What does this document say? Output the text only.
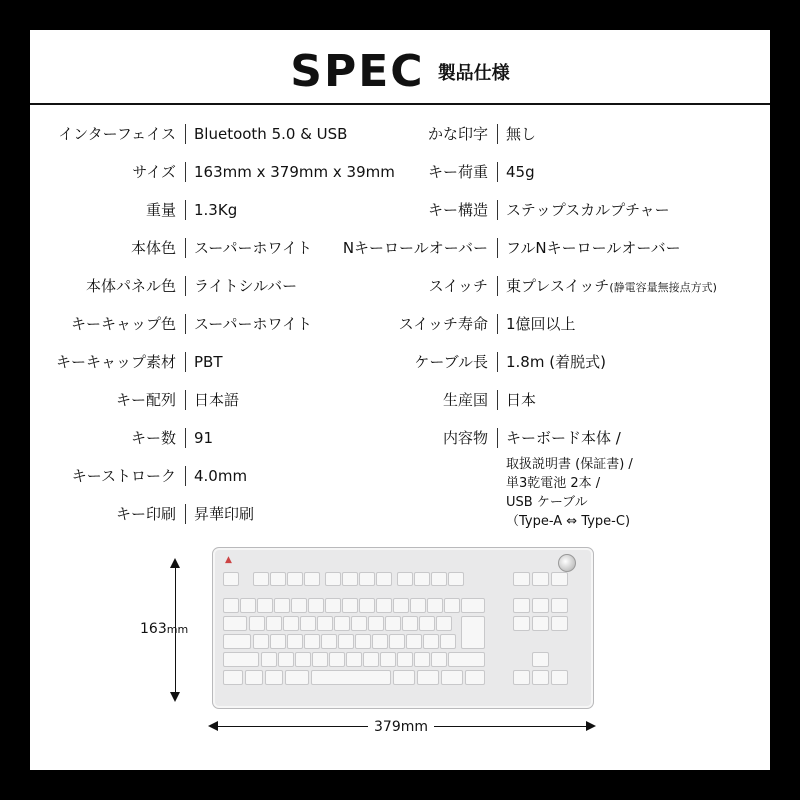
SPEC 製品仕様
インターフェイス Bluetooth 5.0 & USB
サイズ 163mm x 379mm x 39mm
重量 1.3Kg
本体色 スーパーホワイト
本体パネル色 ライトシルバー
キーキャップ色 スーパーホワイト
キーキャップ素材 PBT
キー配列 日本語
キー数 91
キーストローク 4.0mm
キー印刷 昇華印刷
かな印字 無し
キー荷重 45g
キー構造 ステップスカルプチャー
Nキーロールオーバー フルNキーロールオーバー
スイッチ 東プレスイッチ(静電容量無接点方式)
スイッチ寿命 1億回以上
ケーブル長 1.8m (着脱式)
生産国 日本
内容物 キーボード本体 /
取扱説明書 (保証書) /
単3乾電池 2本 /
USB ケーブル
（Type-A ⇔ Type-C)
163mm
379mm
▲
